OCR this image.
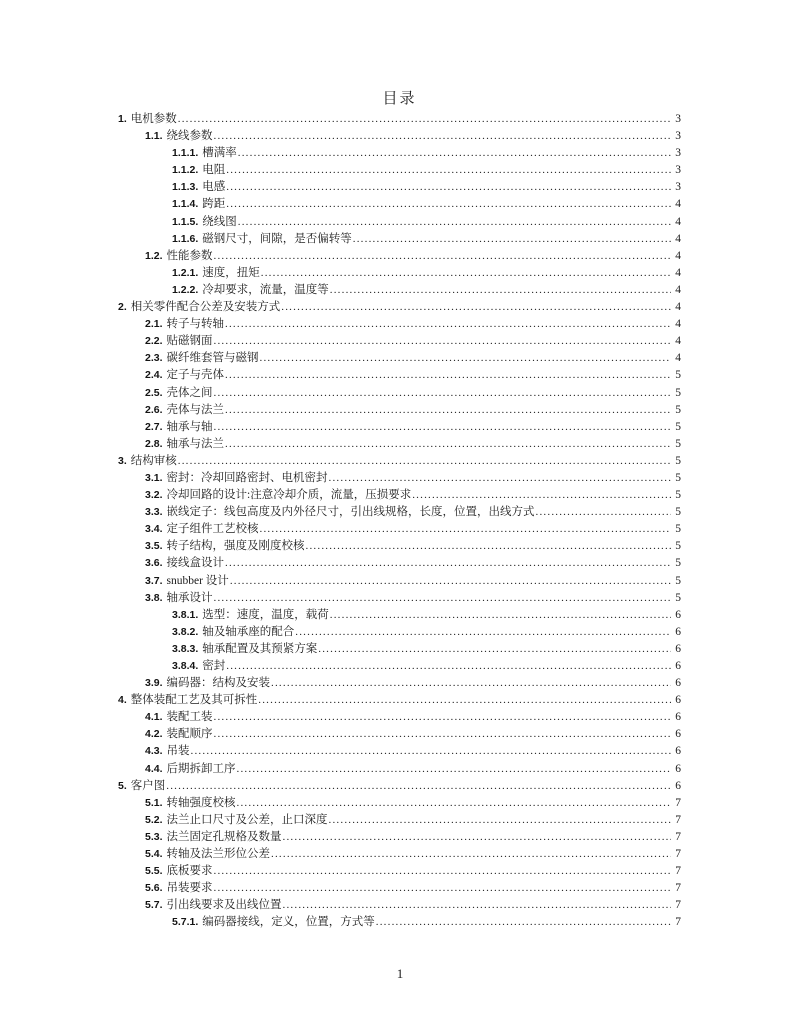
目录
1. 电机参数 .....	3
1.1. 绕线参数 .....	3
1.1.1. 槽满率 .....	3
1.1.2. 电阻 .....	3
1.1.3. 电感 .....	3
1.1.4. 跨距 .....	4
1.1.5. 绕线图 .....	4
1.1.6. 磁钢尺寸，间隙，是否偏转等 .....	4
1.2. 性能参数 .....	4
1.2.1. 速度，扭矩 .....	4
1.2.2. 冷却要求，流量，温度等 .....	4
2. 相关零件配合公差及安装方式 .....	4
2.1. 转子与转轴 .....	4
2.2. 贴磁钢面 .....	4
2.3. 碳纤维套管与磁钢 .....	4
2.4. 定子与壳体 .....	5
2.5. 壳体之间 .....	5
2.6. 壳体与法兰 .....	5
2.7. 轴承与轴 .....	5
2.8. 轴承与法兰 .....	5
3. 结构审核 .....	5
3.1. 密封：冷却回路密封、电机密封 .....	5
3.2. 冷却回路的设计:注意冷却介质，流量，压损要求 .....	5
3.3. 嵌线定子：线包高度及内外径尺寸，引出线规格，长度，位置，出线方式 .....	5
3.4. 定子组件工艺校核 .....	5
3.5. 转子结构，强度及刚度校核 .....	5
3.6. 接线盒设计 .....	5
3.7. snubber 设计 .....	5
3.8. 轴承设计 .....	5
3.8.1. 选型：速度，温度，载荷 .....	6
3.8.2. 轴及轴承座的配合 .....	6
3.8.3. 轴承配置及其预紧方案 .....	6
3.8.4. 密封 .....	6
3.9. 编码器：结构及安装 .....	6
4. 整体装配工艺及其可拆性 .....	6
4.1. 装配工装 .....	6
4.2. 装配顺序 .....	6
4.3. 吊装 .....	6
4.4. 后期拆卸工序 .....	6
5. 客户图 .....	6
5.1. 转轴强度校核 .....	7
5.2. 法兰止口尺寸及公差，止口深度 .....	7
5.3. 法兰固定孔规格及数量 .....	7
5.4. 转轴及法兰形位公差 .....	7
5.5. 底板要求 .....	7
5.6. 吊装要求 .....	7
5.7. 引出线要求及出线位置 .....	7
5.7.1. 编码器接线，定义，位置，方式等 .....	7
1
